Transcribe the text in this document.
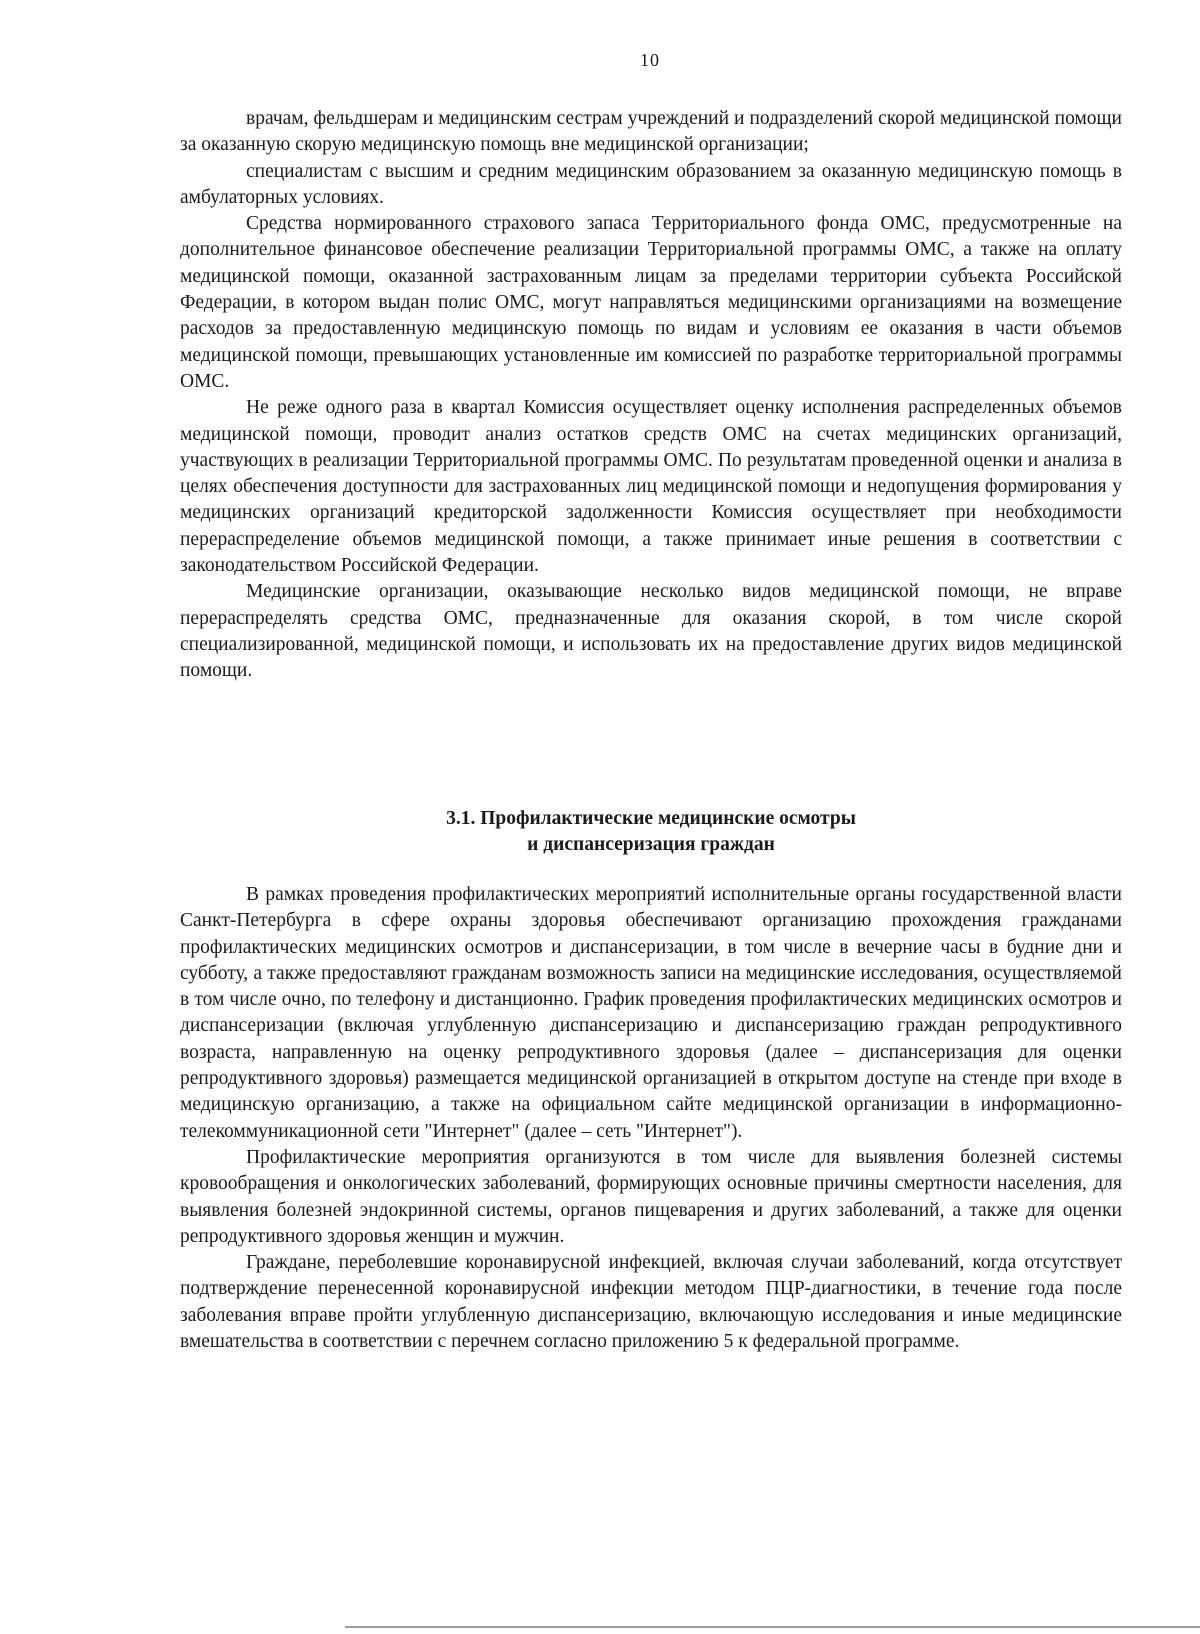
10

врачам, фельдшерам и медицинским сестрам учреждений и подразделений скорой медицинской помощи за оказанную скорую медицинскую помощь вне медицинской организации;

специалистам с высшим и средним медицинским образованием за оказанную медицинскую помощь в амбулаторных условиях.

Средства нормированного страхового запаса Территориального фонда ОМС, предусмотренные на дополнительное финансовое обеспечение реализации Территориальной программы ОМС, а также на оплату медицинской помощи, оказанной застрахованным лицам за пределами территории субъекта Российской Федерации, в котором выдан полис ОМС, могут направляться медицинскими организациями на возмещение расходов за предоставленную медицинскую помощь по видам и условиям ее оказания в части объемов медицинской помощи, превышающих установленные им комиссией по разработке территориальной программы ОМС.

Не реже одного раза в квартал Комиссия осуществляет оценку исполнения распределенных объемов медицинской помощи, проводит анализ остатков средств ОМС на счетах медицинских организаций, участвующих в реализации Территориальной программы ОМС. По результатам проведенной оценки и анализа в целях обеспечения доступности для застрахованных лиц медицинской помощи и недопущения формирования у медицинских организаций кредиторской задолженности Комиссия осуществляет при необходимости перераспределение объемов медицинской помощи, а также принимает иные решения в соответствии с законодательством Российской Федерации.

Медицинские организации, оказывающие несколько видов медицинской помощи, не вправе перераспределять средства ОМС, предназначенные для оказания скорой, в том числе скорой специализированной, медицинской помощи, и использовать их на предоставление других видов медицинской помощи.

3.1. Профилактические медицинские осмотры
и диспансеризация граждан

В рамках проведения профилактических мероприятий исполнительные органы государственной власти Санкт-Петербурга в сфере охраны здоровья обеспечивают организацию прохождения гражданами профилактических медицинских осмотров и диспансеризации, в том числе в вечерние часы в будние дни и субботу, а также предоставляют гражданам возможность записи на медицинские исследования, осуществляемой в том числе очно, по телефону и дистанционно. График проведения профилактических медицинских осмотров и диспансеризации (включая углубленную диспансеризацию и диспансеризацию граждан репродуктивного возраста, направленную на оценку репродуктивного здоровья (далее – диспансеризация для оценки репродуктивного здоровья) размещается медицинской организацией в открытом доступе на стенде при входе в медицинскую организацию, а также на официальном сайте медицинской организации в информационно-телекоммуникационной сети "Интернет" (далее – сеть "Интернет").

Профилактические мероприятия организуются в том числе для выявления болезней системы кровообращения и онкологических заболеваний, формирующих основные причины смертности населения, для выявления болезней эндокринной системы, органов пищеварения и других заболеваний, а также для оценки репродуктивного здоровья женщин и мужчин.

Граждане, переболевшие коронавирусной инфекцией, включая случаи заболеваний, когда отсутствует подтверждение перенесенной коронавирусной инфекции методом ПЦР-диагностики, в течение года после заболевания вправе пройти углубленную диспансеризацию, включающую исследования и иные медицинские вмешательства в соответствии с перечнем согласно приложению 5 к федеральной программе.
